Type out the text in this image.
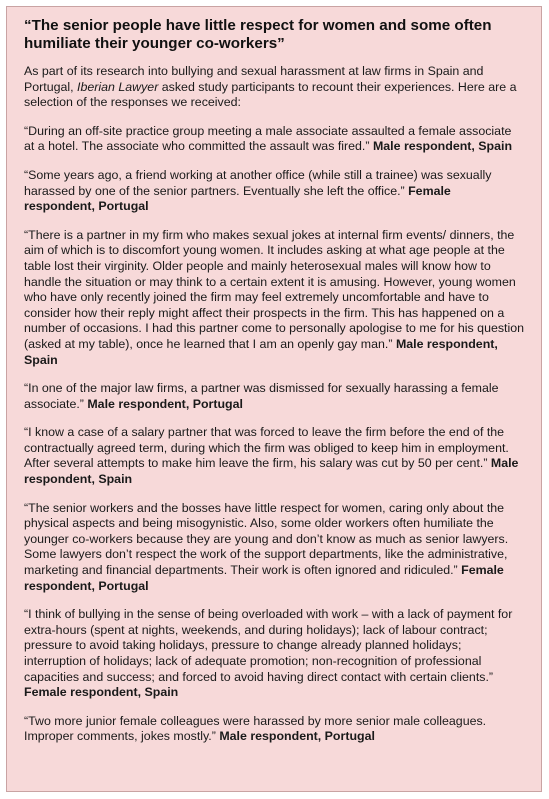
“The senior people have little respect for women and some often humiliate their younger co-workers”

As part of its research into bullying and sexual harassment at law firms in Spain and Portugal, Iberian Lawyer asked study participants to recount their experiences. Here are a selection of the responses we received:

“During an off-site practice group meeting a male associate assaulted a female associate at a hotel. The associate who committed the assault was fired.” Male respondent, Spain

“Some years ago, a friend working at another office (while still a trainee) was sexually harassed by one of the senior partners. Eventually she left the office.” Female respondent, Portugal

“There is a partner in my firm who makes sexual jokes at internal firm events/ dinners, the aim of which is to discomfort young women. It includes asking at what age people at the table lost their virginity. Older people and mainly heterosexual males will know how to handle the situation or may think to a certain extent it is amusing. However, young women who have only recently joined the firm may feel extremely uncomfortable and have to consider how their reply might affect their prospects in the firm. This has happened on a number of occasions. I had this partner come to personally apologise to me for his question (asked at my table), once he learned that I am an openly gay man.” Male respondent, Spain

“In one of the major law firms, a partner was dismissed for sexually harassing a female associate.” Male respondent, Portugal

“I know a case of a salary partner that was forced to leave the firm before the end of the contractually agreed term, during which the firm was obliged to keep him in employment. After several attempts to make him leave the firm, his salary was cut by 50 per cent.” Male respondent, Spain

“The senior workers and the bosses have little respect for women, caring only about the physical aspects and being misogynistic. Also, some older workers often humiliate the younger co-workers because they are young and don’t know as much as senior lawyers. Some lawyers don’t respect the work of the support departments, like the administrative, marketing and financial departments. Their work is often ignored and ridiculed.” Female respondent, Portugal

“I think of bullying in the sense of being overloaded with work – with a lack of payment for extra-hours (spent at nights, weekends, and during holidays); lack of labour contract; pressure to avoid taking holidays, pressure to change already planned holidays; interruption of holidays; lack of adequate promotion; non-recognition of professional capacities and success; and forced to avoid having direct contact with certain clients.” Female respondent, Spain

“Two more junior female colleagues were harassed by more senior male colleagues. Improper comments, jokes mostly.” Male respondent, Portugal
